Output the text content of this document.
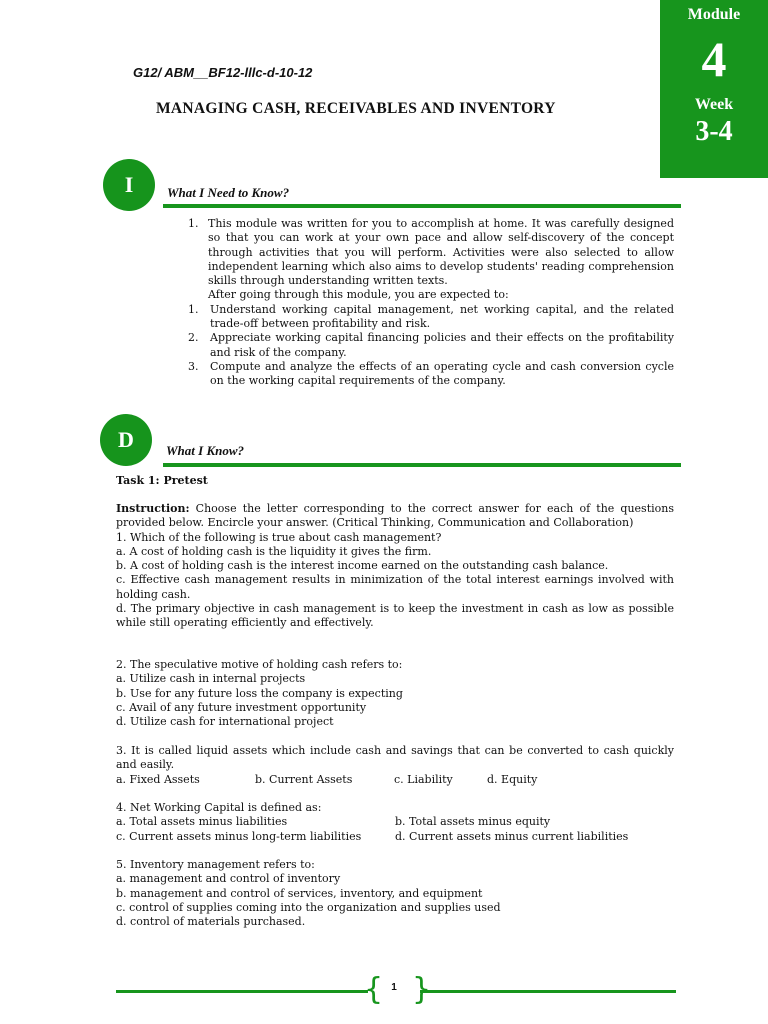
Module
4
Week
3-4
G12/ ABM__BF12-lllc-d-10-12
MANAGING CASH, RECEIVABLES AND INVENTORY
I	What I Need to Know?
1. This module was written for you to accomplish at home. It was carefully designed so that you can work at your own pace and allow self-discovery of the concept through activities that you will perform. Activities were also selected to allow independent learning which also aims to develop students' reading comprehension skills through understanding written texts.
After going through this module, you are expected to:
1. Understand working capital management, net working capital, and the related trade-off between profitability and risk.
2. Appreciate working capital financing policies and their effects on the profitability and risk of the company.
3. Compute and analyze the effects of an operating cycle and cash conversion cycle on the working capital requirements of the company.
D	What I Know?
Task 1: Pretest
Instruction: Choose the letter corresponding to the correct answer for each of the questions provided below. Encircle your answer. (Critical Thinking, Communication and Collaboration)
1. Which of the following is true about cash management?
a. A cost of holding cash is the liquidity it gives the firm.
b. A cost of holding cash is the interest income earned on the outstanding cash balance.
c. Effective cash management results in minimization of the total interest earnings involved with holding cash.
d. The primary objective in cash management is to keep the investment in cash as low as possible while still operating efficiently and effectively.
2. The speculative motive of holding cash refers to:
a. Utilize cash in internal projects
b. Use for any future loss the company is expecting
c. Avail of any future investment opportunity
d. Utilize cash for international project
3. It is called liquid assets which include cash and savings that can be converted to cash quickly and easily.
a. Fixed Assets	b. Current Assets	c. Liability	d. Equity
4. Net Working Capital is defined as:
a. Total assets minus liabilities	b. Total assets minus equity
c. Current assets minus long-term liabilities	d. Current assets minus current liabilities
5. Inventory management refers to:
a. management and control of inventory
b. management and control of services, inventory, and equipment
c. control of supplies coming into the organization and supplies used
d. control of materials purchased.
{ }
1
